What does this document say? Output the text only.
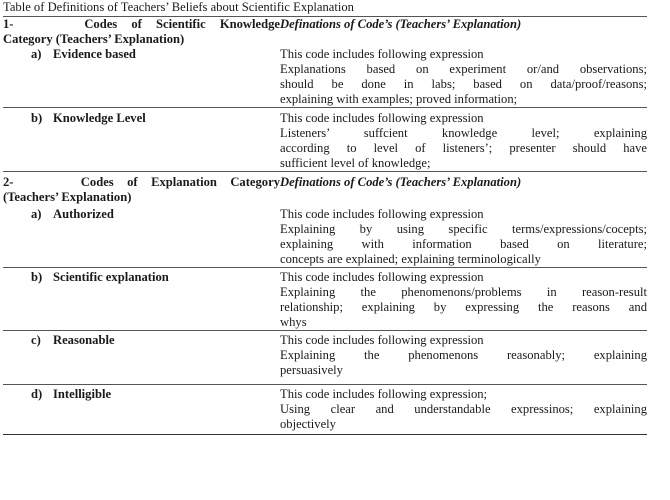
Table of Definitions of Teachers’ Beliefs about Scientific Explanation
1- Codes of Scientific Knowledge
Category (Teachers’ Explanation)	Definations of Code’s (Teachers’ Explanation)
a) Evidence based	This code includes following expression
Explanations based on experiment or/and observations;
should be done in labs; based on data/proof/reasons;
explaining with examples; proved information;

b) Knowledge Level	This code includes following expression
Listeners’ suffcient knowledge level; explaining
according to level of listeners’; presenter should have
sufficient level of knowledge;

2- Codes of Explanation Category
(Teachers’ Explanation)	Definations of Code’s (Teachers’ Explanation)
a) Authorized	This code includes following expression
Explaining by using specific terms/expressions/cocepts;
explaining with information based on literature;
concepts are explained; explaining terminologically

b) Scientific explanation	This code includes following expression
Explaining the phenomenons/problems in reason-result
relationship; explaining by expressing the reasons and
whys

c) Reasonable	This code includes following expression
Explaining the phenomenons reasonably; explaining
persuasively

d) Intelligible	This code includes following expression;
Using clear and understandable expressinos; explaining
objectively
